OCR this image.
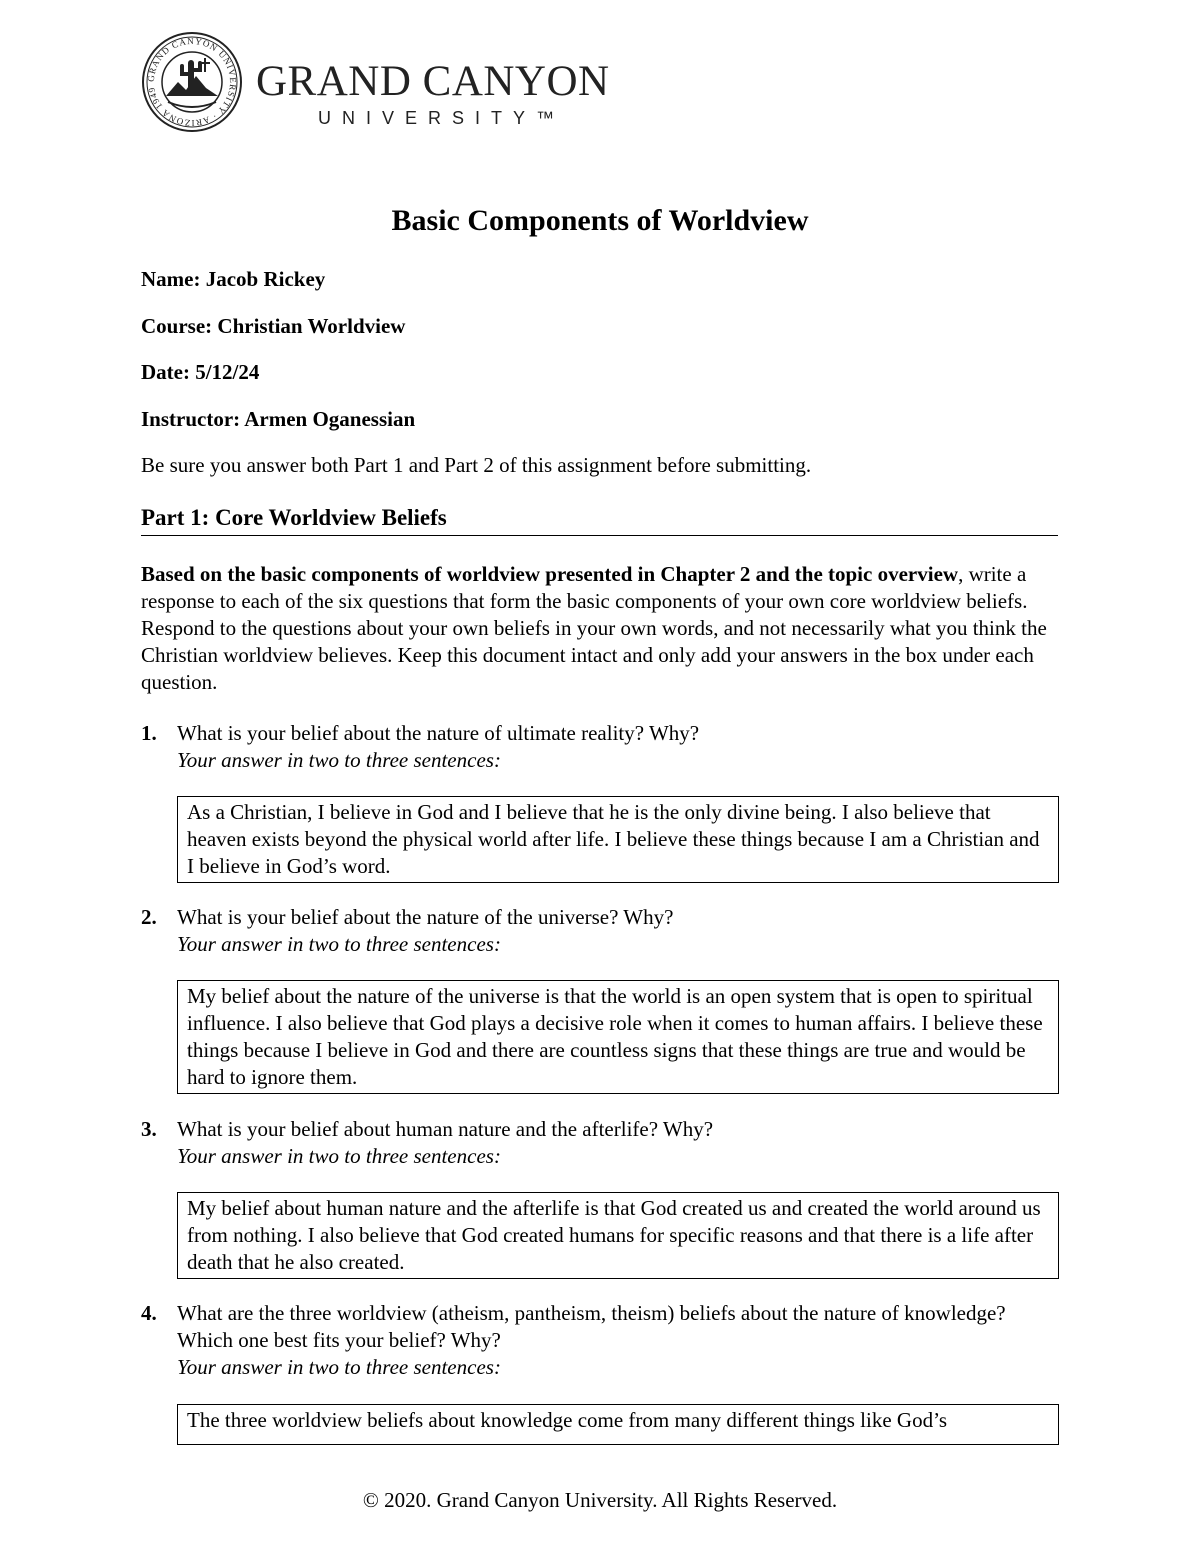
GRAND CANYON UNIVERSITY · ARIZONA 1949	GRAND CANYON
UNIVERSITY™
Basic Components of Worldview
Name: Jacob Rickey
Course: Christian Worldview
Date: 5/12/24
Instructor: Armen Oganessian
Be sure you answer both Part 1 and Part 2 of this assignment before submitting.
Part 1: Core Worldview Beliefs
Based on the basic components of worldview presented in Chapter 2 and the topic overview, write a response to each of the six questions that form the basic components of your own core worldview beliefs. Respond to the questions about your own beliefs in your own words, and not necessarily what you think the Christian worldview believes. Keep this document intact and only add your answers in the box under each question.
1. What is your belief about the nature of ultimate reality? Why?
Your answer in two to three sentences:
As a Christian, I believe in God and I believe that he is the only divine being. I also believe that heaven exists beyond the physical world after life. I believe these things because I am a Christian and I believe in God’s word.
2. What is your belief about the nature of the universe? Why?
Your answer in two to three sentences:
My belief about the nature of the universe is that the world is an open system that is open to spiritual influence. I also believe that God plays a decisive role when it comes to human affairs. I believe these things because I believe in God and there are countless signs that these things are true and would be hard to ignore them.
3. What is your belief about human nature and the afterlife? Why?
Your answer in two to three sentences:
My belief about human nature and the afterlife is that God created us and created the world around us from nothing. I also believe that God created humans for specific reasons and that there is a life after death that he also created.
4. What are the three worldview (atheism, pantheism, theism) beliefs about the nature of knowledge? Which one best fits your belief? Why?
Your answer in two to three sentences:
The three worldview beliefs about knowledge come from many different things like God’s
© 2020. Grand Canyon University. All Rights Reserved.
